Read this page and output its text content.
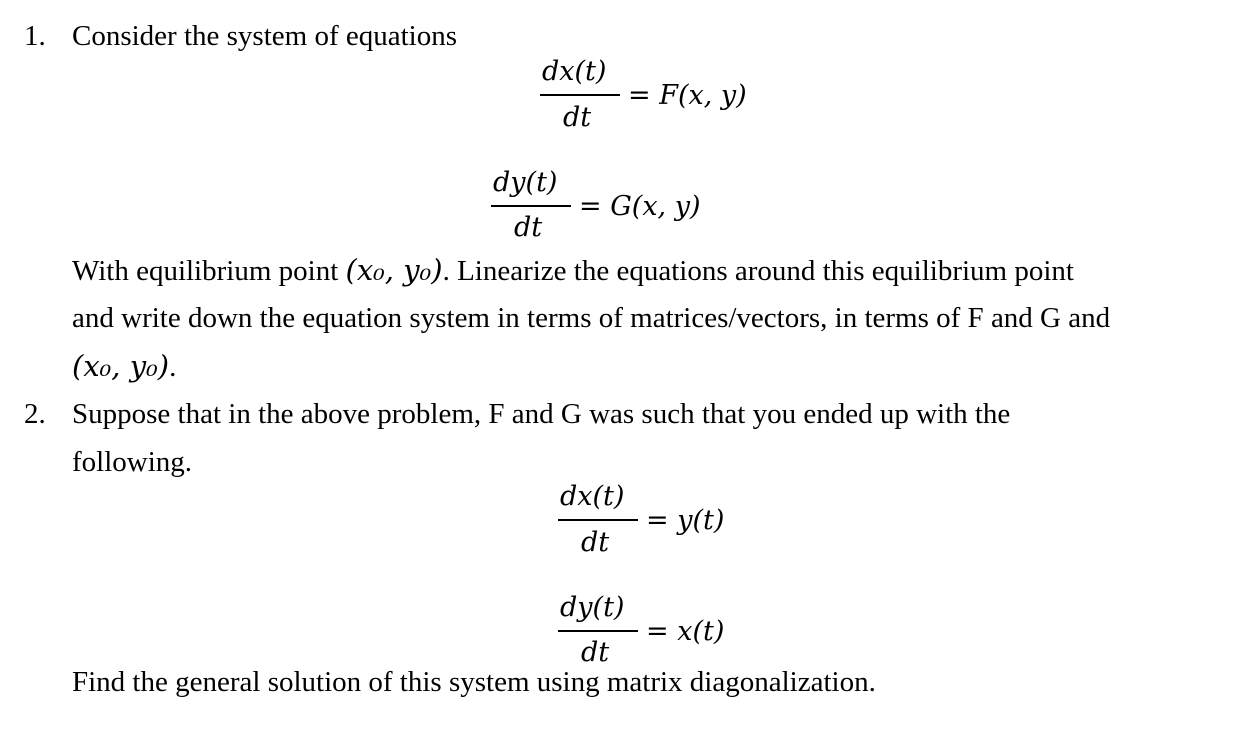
1. Consider the system of equations
dx(t)
dt
= F(x, y)
dy(t)
dt
= G(x, y)
With equilibrium point (x₀, y₀). Linearize the equations around this equilibrium point
and write down the equation system in terms of matrices/vectors, in terms of F and G and
(x₀, y₀).
2. Suppose that in the above problem, F and G was such that you ended up with the
following.
dx(t)
dt
= y(t)
dy(t)
dt
= x(t)
Find the general solution of this system using matrix diagonalization.
